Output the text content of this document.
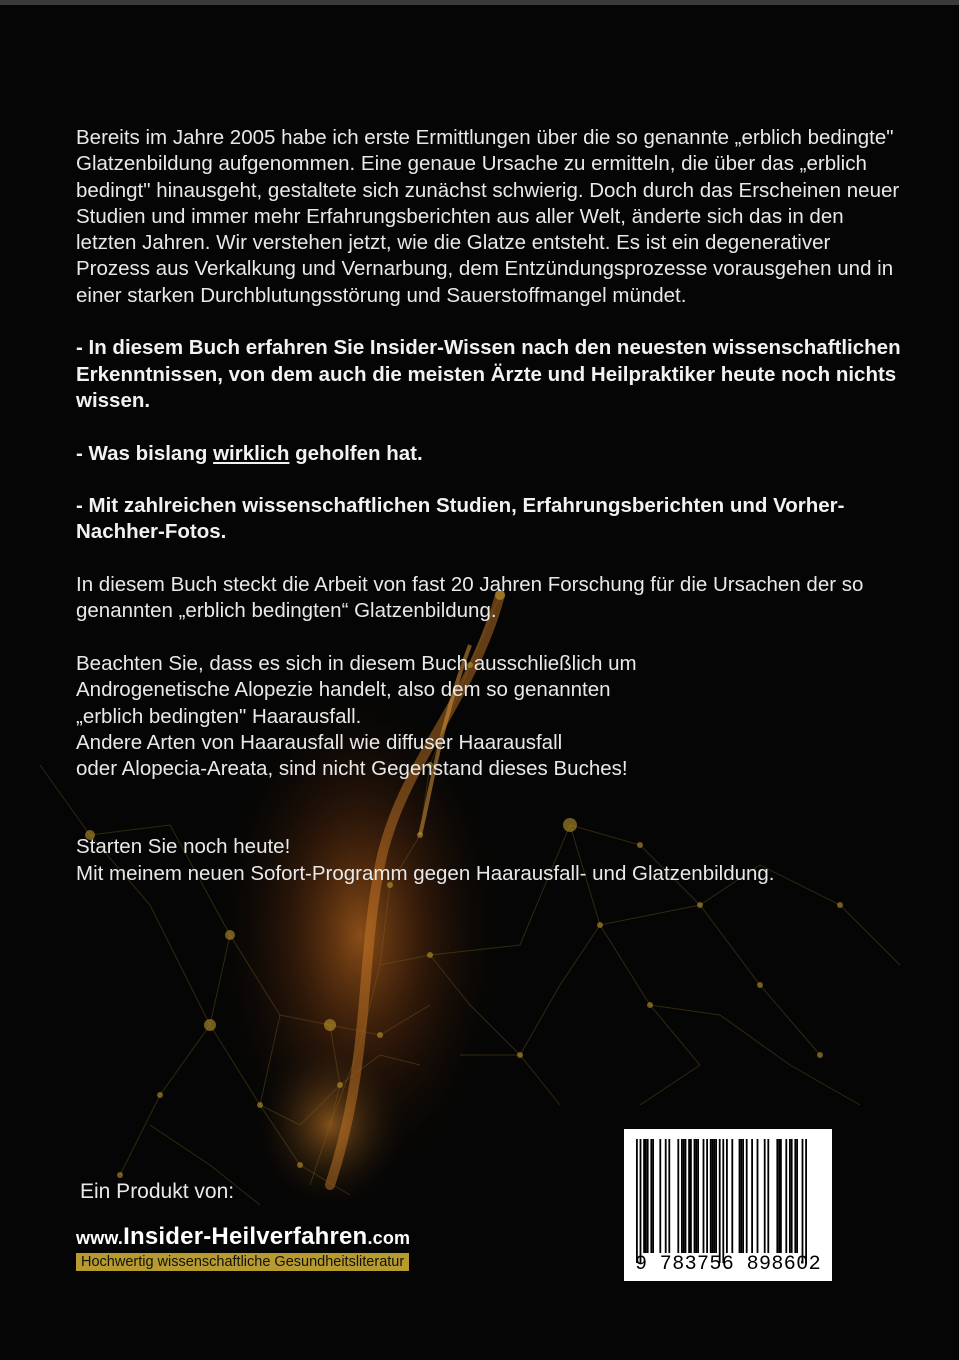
Bereits im Jahre 2005 habe ich erste Ermittlungen über die so genannte „erblich bedingte" Glatzenbildung aufgenommen. Eine genaue Ursache zu ermitteln, die über das „erblich bedingt" hinausgeht, gestaltete sich zunächst schwierig. Doch durch das Erscheinen neuer Studien und immer mehr Erfahrungsberichten aus aller Welt, änderte sich das in den letzten Jahren. Wir verstehen jetzt, wie die Glatze entsteht. Es ist ein degenerativer Prozess aus Verkalkung und Vernarbung, dem Entzündungsprozesse vorausgehen und in einer starken Durchblutungsstörung und Sauerstoffmangel mündet.

- In diesem Buch erfahren Sie Insider-Wissen nach den neuesten wissenschaftlichen Erkenntnissen, von dem auch die meisten Ärzte und Heilpraktiker heute noch nichts wissen.

- Was bislang wirklich geholfen hat.

- Mit zahlreichen wissenschaftlichen Studien, Erfahrungsberichten und Vorher-Nachher-Fotos.

In diesem Buch steckt die Arbeit von fast 20 Jahren Forschung für die Ursachen der so genannten „erblich bedingten“ Glatzenbildung.

Beachten Sie, dass es sich in diesem Buch ausschließlich um
Androgenetische Alopezie handelt, also dem so genannten
„erblich bedingten" Haarausfall.
Andere Arten von Haarausfall wie diffuser Haarausfall
oder Alopecia-Areata, sind nicht Gegenstand dieses Buches!

Starten Sie noch heute!
Mit meinem neuen Sofort-Programm gegen Haarausfall- und Glatzenbildung.

Ein Produkt von:
www.Insider-Heilverfahren.com
Hochwertig wissenschaftliche Gesundheitsliteratur	9 783756 898602
